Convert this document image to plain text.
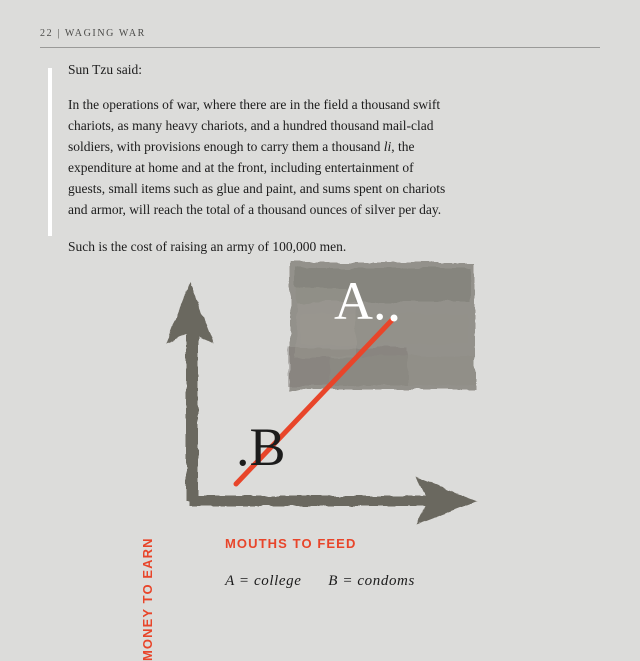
22 | WAGING WAR

Sun Tzu said:

In the operations of war, where there are in the field a thousand swift chariots, as many heavy chariots, and a hundred thousand mail-clad soldiers, with provisions enough to carry them a thousand li, the expenditure at home and at the front, including entertainment of guests, small items such as glue and paint, and sums spent on chariots and armor, will reach the total of a thousand ounces of silver per day.

Such is the cost of raising an army of 100,000 men.

A.
.B
MONEY TO EARN	MOUTHS TO FEED
A = college B = condoms
